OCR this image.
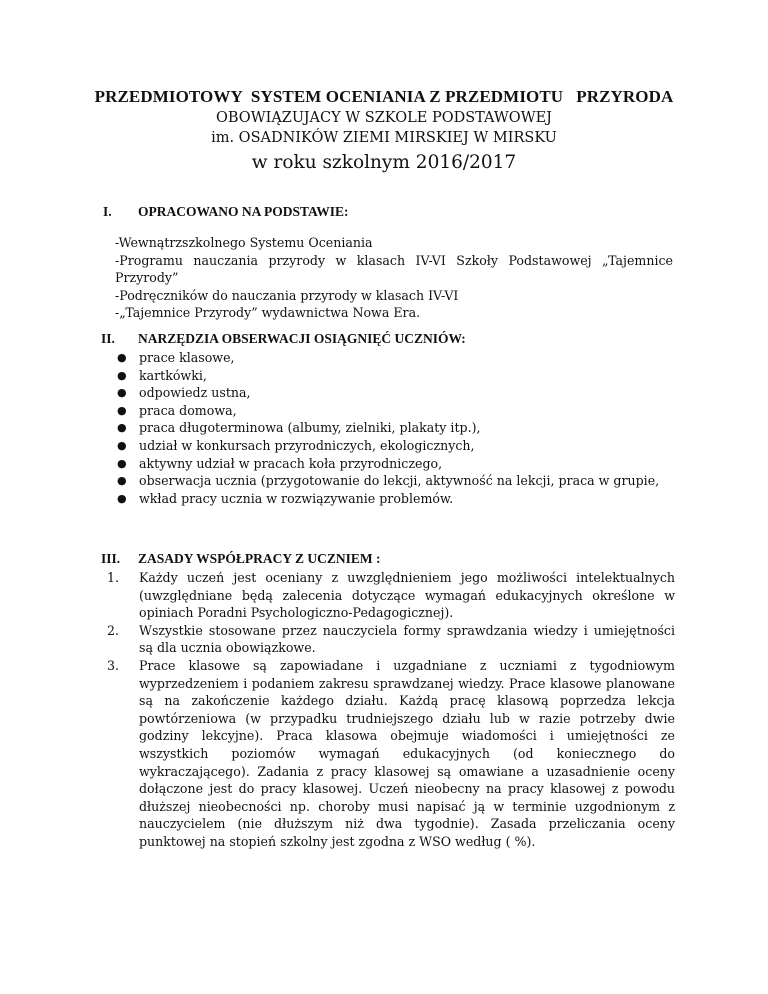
PRZEDMIOTOWY  SYSTEM OCENIANIA Z PRZEDMIOTU   PRZYRODA
OBOWIĄZUJACY W SZKOLE PODSTAWOWEJ
im. OSADNIKÓW ZIEMI MIRSKIEJ W MIRSKU
w roku szkolnym 2016/2017
I. OPRACOWANO NA PODSTAWIE:
-Wewnątrzszkolnego Systemu Oceniania
-Programu nauczania przyrody w klasach IV-VI Szkoły Podstawowej „Tajemnice Przyrody”
-Podręczników do nauczania przyrody w klasach IV-VI
-„Tajemnice Przyrody” wydawnictwa Nowa Era.
II. NARZĘDZIA OBSERWACJI OSIĄGNIĘĆ UCZNIÓW:
● prace klasowe,
● kartkówki,
● odpowiedz ustna,
● praca domowa,
● praca długoterminowa (albumy, zielniki, plakaty itp.),
● udział w konkursach przyrodniczych, ekologicznych,
● aktywny udział w pracach koła przyrodniczego,
● obserwacja ucznia (przygotowanie do lekcji, aktywność na lekcji, praca w grupie,
● wkład pracy ucznia w rozwiązywanie problemów.
III. ZASADY WSPÓŁPRACY Z UCZNIEM :
1. Każdy uczeń jest oceniany z uwzględnieniem jego możliwości intelektualnych (uwzględniane będą zalecenia dotyczące wymagań edukacyjnych określone w opiniach Poradni Psychologiczno-Pedagogicznej).
2. Wszystkie stosowane przez nauczyciela formy sprawdzania wiedzy i umiejętności są dla ucznia obowiązkowe.
3. Prace klasowe są zapowiadane i uzgadniane z uczniami z tygodniowym wyprzedzeniem i podaniem zakresu sprawdzanej wiedzy. Prace klasowe planowane są na zakończenie każdego działu. Każdą pracę klasową poprzedza lekcja powtórzeniowa (w przypadku trudniejszego działu lub w razie potrzeby dwie godziny lekcyjne). Praca klasowa obejmuje wiadomości i umiejętności ze wszystkich poziomów wymagań edukacyjnych (od koniecznego do wykraczającego). Zadania z pracy klasowej są omawiane a uzasadnienie oceny dołączone jest do pracy klasowej. Uczeń nieobecny na pracy klasowej z powodu dłuższej nieobecności np. choroby musi napisać ją w terminie uzgodnionym z nauczycielem (nie dłuższym niż dwa tygodnie). Zasada przeliczania oceny punktowej na stopień szkolny jest zgodna z WSO według ( %).
